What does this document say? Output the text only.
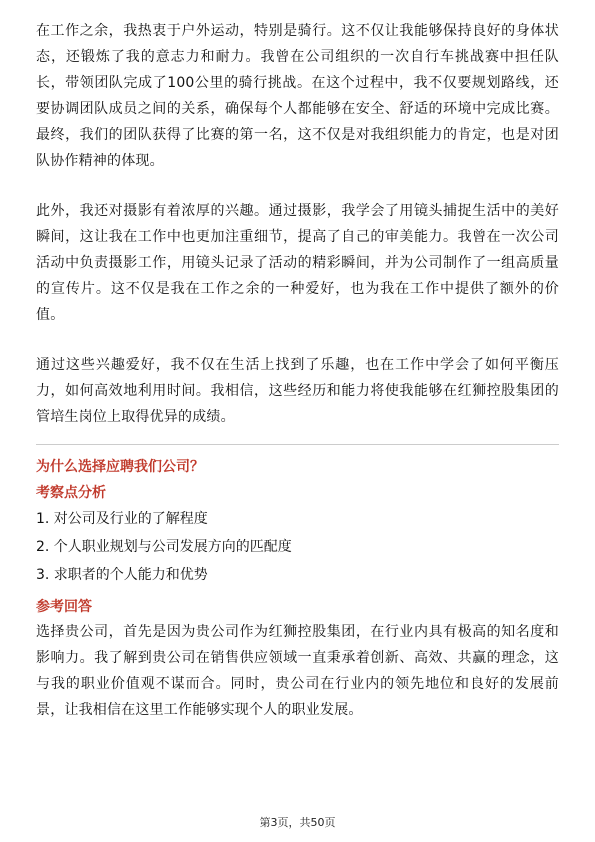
在工作之余，我热衷于户外运动，特别是骑行。这不仅让我能够保持良好的身体状态，还锻炼了我的意志力和耐力。我曾在公司组织的一次自行车挑战赛中担任队长，带领团队完成了100公里的骑行挑战。在这个过程中，我不仅要规划路线，还要协调团队成员之间的关系，确保每个人都能够在安全、舒适的环境中完成比赛。最终，我们的团队获得了比赛的第一名，这不仅是对我组织能力的肯定，也是对团队协作精神的体现。

此外，我还对摄影有着浓厚的兴趣。通过摄影，我学会了用镜头捕捉生活中的美好瞬间，这让我在工作中也更加注重细节，提高了自己的审美能力。我曾在一次公司活动中负责摄影工作，用镜头记录了活动的精彩瞬间，并为公司制作了一组高质量的宣传片。这不仅是我在工作之余的一种爱好，也为我在工作中提供了额外的价值。

通过这些兴趣爱好，我不仅在生活上找到了乐趣，也在工作中学会了如何平衡压力，如何高效地利用时间。我相信，这些经历和能力将使我能够在红狮控股集团的管培生岗位上取得优异的成绩。

为什么选择应聘我们公司？

考察点分析

1. 对公司及行业的了解程度
2. 个人职业规划与公司发展方向的匹配度
3. 求职者的个人能力和优势

参考回答

选择贵公司，首先是因为贵公司作为红狮控股集团，在行业内具有极高的知名度和影响力。我了解到贵公司在销售供应领域一直秉承着创新、高效、共赢的理念，这与我的职业价值观不谋而合。同时，贵公司在行业内的领先地位和良好的发展前景，让我相信在这里工作能够实现个人的职业发展。

第3页，共50页
